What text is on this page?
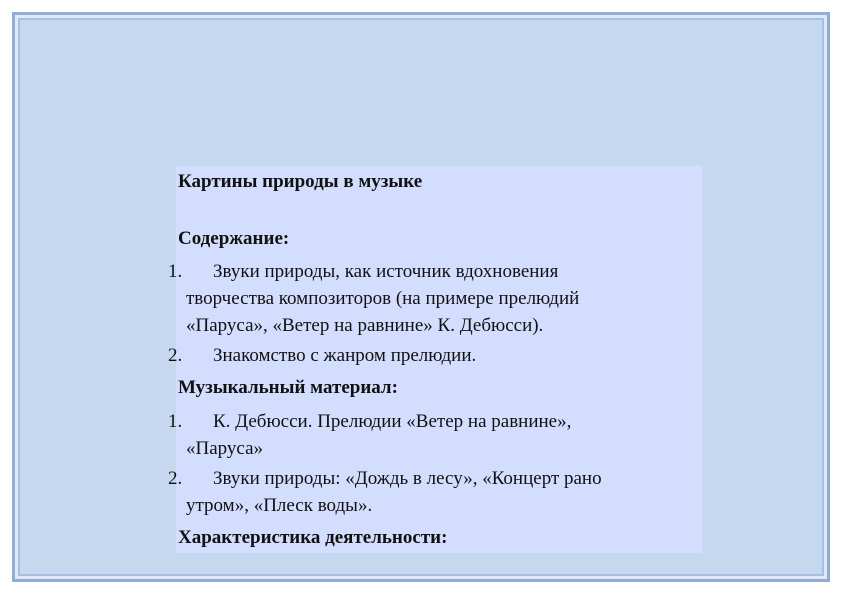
Картины природы в музыке
Содержание:
1. Звуки природы, как источник вдохновения
творчества композиторов (на примере прелюдий
«Паруса», «Ветер на равнине» К. Дебюсси).
2. Знакомство с жанром прелюдии.
Музыкальный материал:
1. К. Дебюсси. Прелюдии «Ветер на равнине»,
«Паруса»
2. Звуки природы: «Дождь в лесу», «Концерт рано
утром», «Плеск воды».
Характеристика деятельности:
